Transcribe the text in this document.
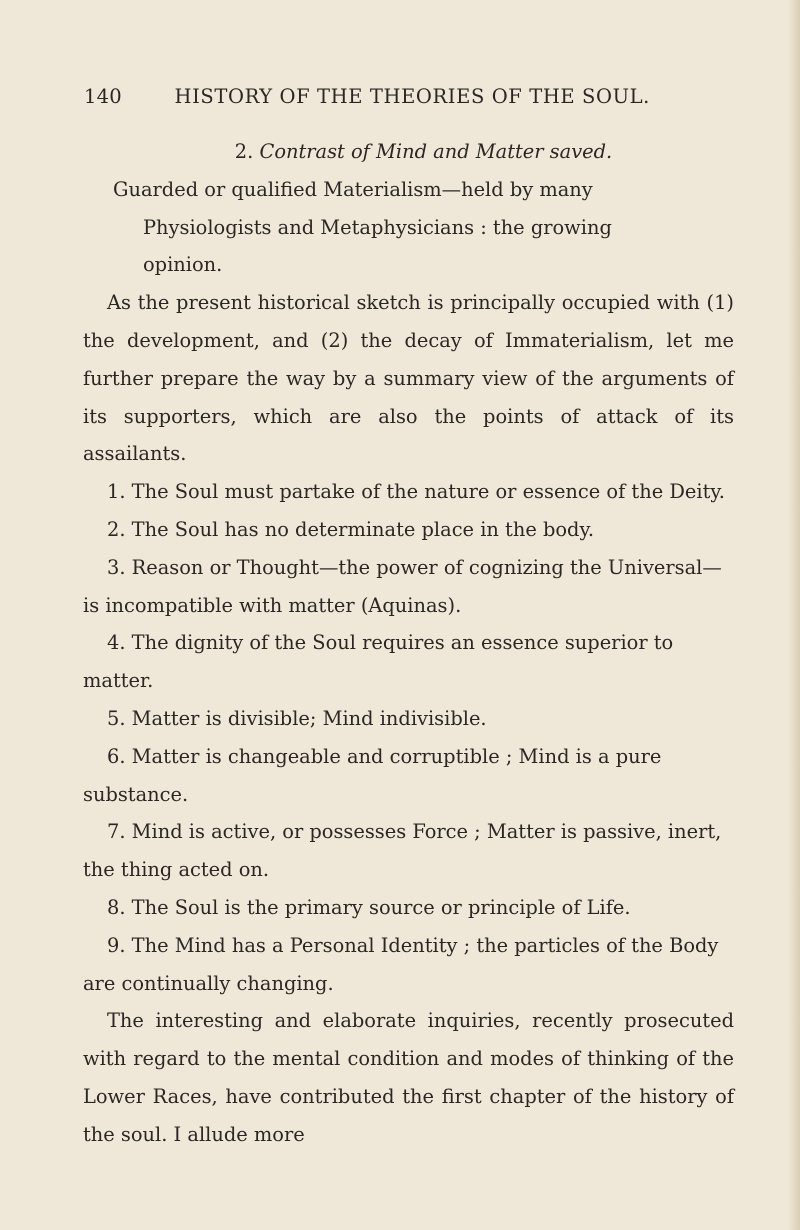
140	HISTORY OF THE THEORIES OF THE SOUL.

2. Contrast of Mind and Matter saved.

Guarded or qualified Materialism—held by many Physiologists and Metaphysicians : the growing opinion.

As the present historical sketch is principally occupied with (1) the development, and (2) the decay of Immaterialism, let me further prepare the way by a summary view of the arguments of its supporters, which are also the points of attack of its assailants.

1. The Soul must partake of the nature or essence of the Deity.

2. The Soul has no determinate place in the body.

3. Reason or Thought—the power of cognizing the Universal—is incompatible with matter (Aquinas).

4. The dignity of the Soul requires an essence superior to matter.

5. Matter is divisible; Mind indivisible.

6. Matter is changeable and corruptible ; Mind is a pure substance.

7. Mind is active, or possesses Force ; Matter is passive, inert, the thing acted on.

8. The Soul is the primary source or principle of Life.

9. The Mind has a Personal Identity ; the particles of the Body are continually changing.

The interesting and elaborate inquiries, recently prosecuted with regard to the mental condition and modes of thinking of the Lower Races, have contributed the first chapter of the history of the soul. I allude more
